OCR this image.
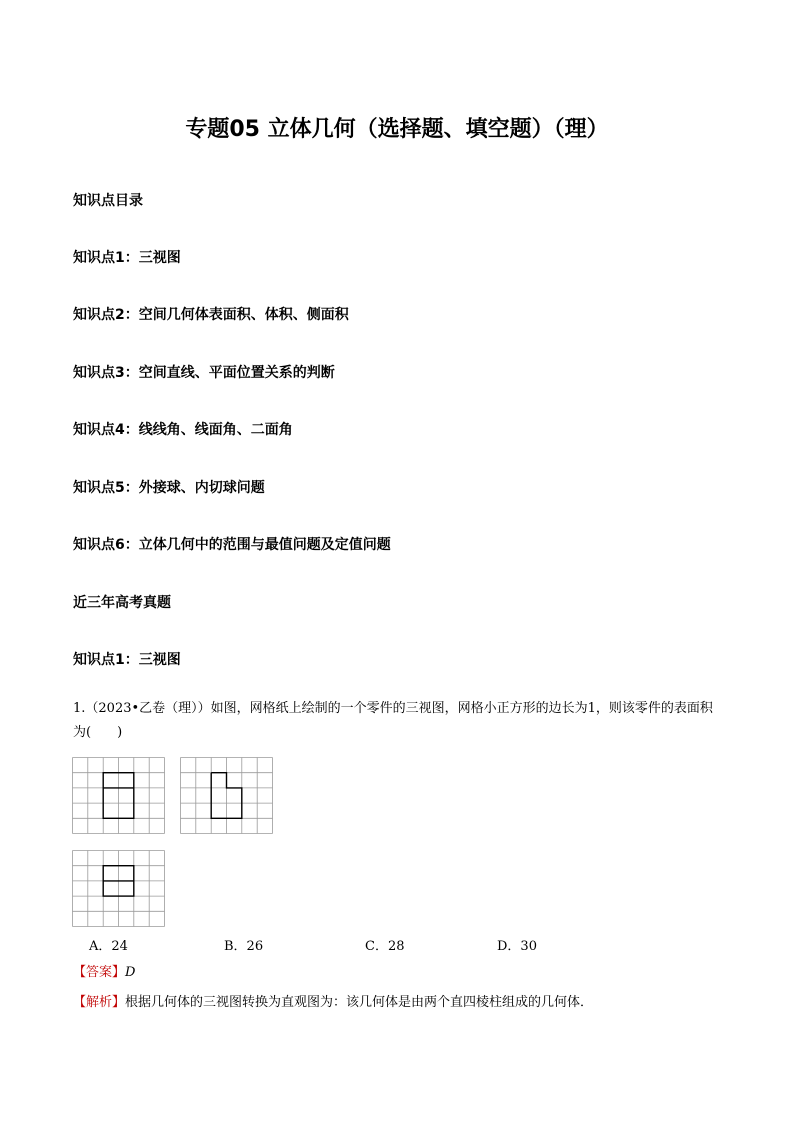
专题05 立体几何（选择题、填空题）（理）
知识点目录
知识点1：三视图
知识点2：空间几何体表面积、体积、侧面积
知识点3：空间直线、平面位置关系的判断
知识点4：线线角、线面角、二面角
知识点5：外接球、内切球问题
知识点6：立体几何中的范围与最值问题及定值问题
近三年高考真题
知识点1：三视图
1.（2023•乙卷（理））如图，网格纸上绘制的一个零件的三视图，网格小正方形的边长为1，则该零件的表面积为(　　)
A．24	B．26	C．28	D．30
【答案】D
【解析】根据几何体的三视图转换为直观图为：该几何体是由两个直四棱柱组成的几何体．
